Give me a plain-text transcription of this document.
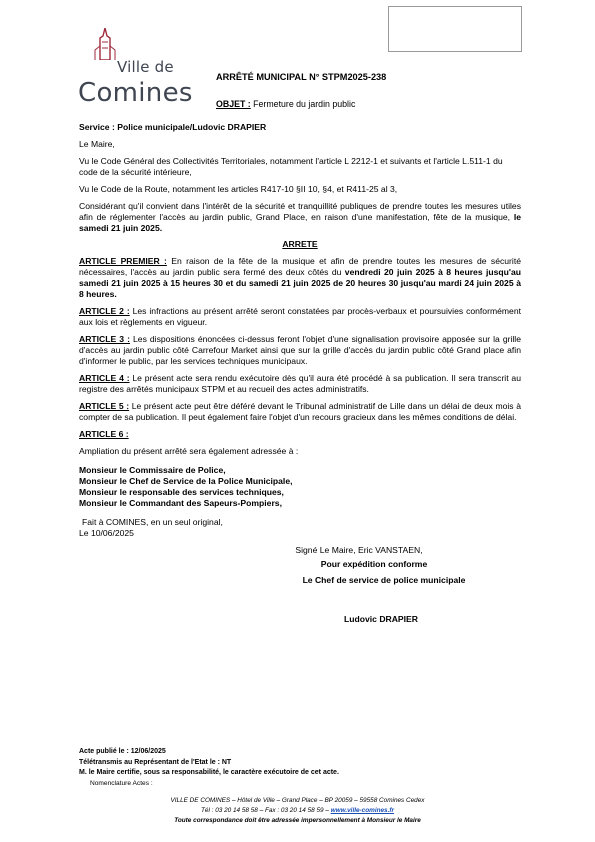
Ville de
Comines
ARRÊTÉ MUNICIPAL N° STPM2025-238
OBJET : Fermeture du jardin public

Service : Police municipale/Ludovic DRAPIER

Le Maire,

Vu le Code Général des Collectivités Territoriales, notamment l'article L 2212-1 et suivants et l'article L.511-1 du code de la sécurité intérieure,

Vu le Code de la Route, notamment les articles R417-10 §II 10, §4, et R411-25 al 3,

Considérant qu'il convient dans l'intérêt de la sécurité et tranquillité publiques de prendre toutes les mesures utiles afin de réglementer l'accès au jardin public, Grand Place, en raison d'une manifestation, fête de la musique, le samedi 21 juin 2025.

ARRETE

ARTICLE PREMIER : En raison de la fête de la musique et afin de prendre toutes les mesures de sécurité nécessaires, l'accès au jardin public sera fermé des deux côtés du vendredi 20 juin 2025 à 8 heures jusqu'au samedi 21 juin 2025 à 15 heures 30 et du samedi 21 juin 2025 de 20 heures 30 jusqu'au mardi 24 juin 2025 à 8 heures.

ARTICLE 2 : Les infractions au présent arrêté seront constatées par procès-verbaux et poursuivies conformément aux lois et règlements en vigueur.

ARTICLE 3 : Les dispositions énoncées ci-dessus feront l'objet d'une signalisation provisoire apposée sur la grille d'accès au jardin public côté Carrefour Market ainsi que sur la grille d'accès du jardin public côté Grand place afin d'informer le public, par les services techniques municipaux.

ARTICLE 4 : Le présent acte sera rendu exécutoire dès qu'il aura été procédé à sa publication. Il sera transcrit au registre des arrêtés municipaux STPM et au recueil des actes administratifs.

ARTICLE 5 : Le présent acte peut être déféré devant le Tribunal administratif de Lille dans un délai de deux mois à compter de sa publication. Il peut également faire l'objet d'un recours gracieux dans les mêmes conditions de délai.

ARTICLE 6 :

Ampliation du présent arrêté sera également adressée à :

Monsieur le Commissaire de Police,

Monsieur le Chef de Service de la Police Municipale,

Monsieur le responsable des services techniques,

Monsieur le Commandant des Sapeurs-Pompiers,

Fait à COMINES, en un seul original,

Le 10/06/2025

Signé Le Maire, Eric VANSTAEN,

Pour expédition conforme

Le Chef de service de police municipale

Ludovic DRAPIER

Acte publié le : 12/06/2025
Télétransmis au Représentant de l'Etat le : NT
M. le Maire certifie, sous sa responsabilité, le caractère exécutoire de cet acte.
Nomenclature Actes :
VILLE DE COMINES – Hôtel de Ville – Grand Place – BP 20059 – 59558 Comines Cedex
Tél : 03 20 14 58 58 – Fax : 03 20 14 58 59 – www.ville-comines.fr
Toute correspondance doit être adressée impersonnellement à Monsieur le Maire
